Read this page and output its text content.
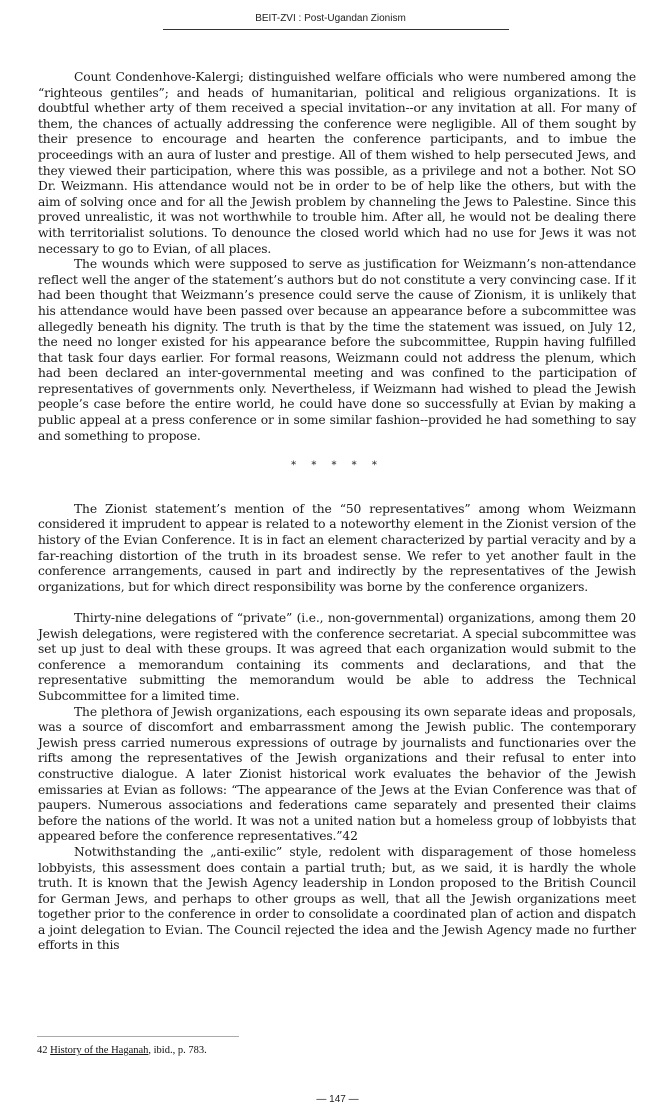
BEIT-ZVI : Post-Ugandan Zionism

Count Condenhove-Kalergi; distinguished welfare officials who were numbered among the “righteous gentiles”; and heads of humanitarian, political and religious organizations. It is doubtful whether arty of them received a special invitation--or any invitation at all. For many of them, the chances of actually addressing the conference were negligible. All of them sought by their presence to encourage and hearten the conference participants, and to imbue the proceedings with an aura of luster and prestige. All of them wished to help persecuted Jews, and they viewed their participation, where this was possible, as a privilege and not a bother. Not SO Dr. Weizmann. His attendance would not be in order to be of help like the others, but with the aim of solving once and for all the Jewish problem by channeling the Jews to Palestine. Since this proved unrealistic, it was not worthwhile to trouble him. After all, he would not be dealing there with territorialist solutions. To denounce the closed world which had no use for Jews it was not necessary to go to Evian, of all places.

The wounds which were supposed to serve as justification for Weizmann’s non-attendance reflect well the anger of the statement’s authors but do not constitute a very convincing case. If it had been thought that Weizmann’s presence could serve the cause of Zionism, it is unlikely that his attendance would have been passed over because an appearance before a subcommittee was allegedly beneath his dignity. The truth is that by the time the statement was issued, on July 12, the need no longer existed for his appearance before the subcommittee, Ruppin having fulfilled that task four days earlier. For formal reasons, Weizmann could not address the plenum, which had been declared an inter-governmental meeting and was confined to the participation of representatives of governments only. Nevertheless, if Weizmann had wished to plead the Jewish people’s case before the entire world, he could have done so successfully at Evian by making a public appeal at a press conference or in some similar fashion--provided he had something to say and something to propose.

* * * * *

The Zionist statement’s mention of the “50 representatives” among whom Weizmann considered it imprudent to appear is related to a noteworthy element in the Zionist version of the history of the Evian Conference. It is in fact an element characterized by partial veracity and by a far-reaching distortion of the truth in its broadest sense. We refer to yet another fault in the conference arrangements, caused in part and indirectly by the representatives of the Jewish organizations, but for which direct responsibility was borne by the conference organizers.

Thirty-nine delegations of “private” (i.e., non-governmental) organizations, among them 20 Jewish delegations, were registered with the conference secretariat. A special subcommittee was set up just to deal with these groups. It was agreed that each organization would submit to the conference a memorandum containing its comments and declarations, and that the representative submitting the memorandum would be able to address the Technical Subcommittee for a limited time.

The plethora of Jewish organizations, each espousing its own separate ideas and proposals, was a source of discomfort and embarrassment among the Jewish public. The contemporary Jewish press carried numerous expressions of outrage by journalists and functionaries over the rifts among the representatives of the Jewish organizations and their refusal to enter into constructive dialogue. A later Zionist historical work evaluates the behavior of the Jewish emissaries at Evian as follows: “The appearance of the Jews at the Evian Conference was that of paupers. Numerous associations and federations came separately and presented their claims before the nations of the world. It was not a united nation but a homeless group of lobbyists that appeared before the conference representatives.”42

Notwithstanding the „anti-exilic” style, redolent with disparagement of those homeless lobbyists, this assessment does contain a partial truth; but, as we said, it is hardly the whole truth. It is known that the Jewish Agency leadership in London proposed to the British Council for German Jews, and perhaps to other groups as well, that all the Jewish organizations meet together prior to the conference in order to consolidate a coordinated plan of action and dispatch a joint delegation to Evian. The Council rejected the idea and the Jewish Agency made no further efforts in this

42 History of the Haganah, ibid., p. 783.
— 147 —
